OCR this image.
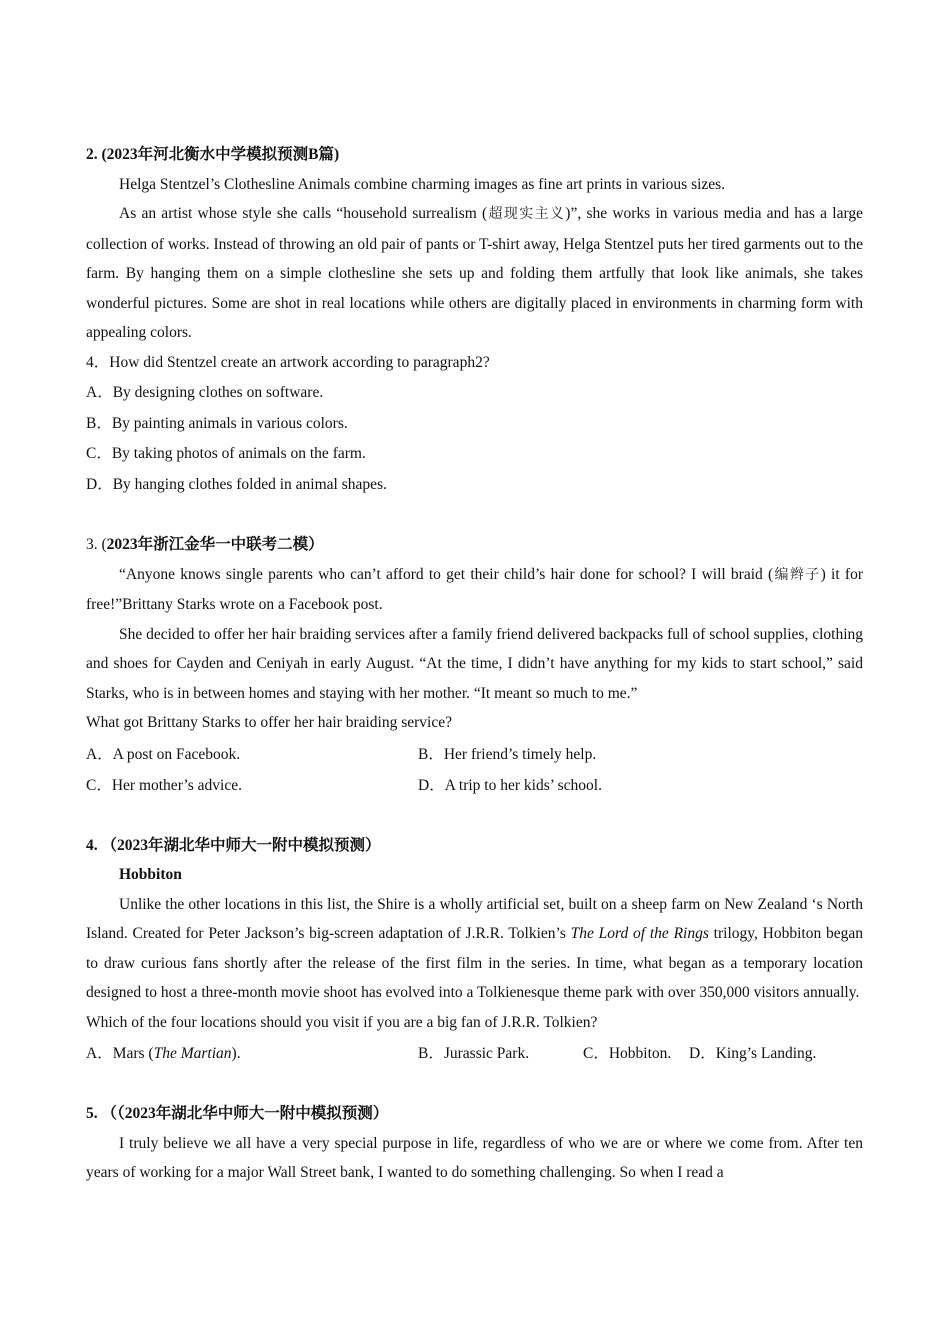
2. (2023年河北衡水中学模拟预测B篇)

Helga Stentzel’s Clothesline Animals combine charming images as fine art prints in various sizes.

As an artist whose style she calls “household surrealism (超现实主义)”, she works in various media and has a large collection of works. Instead of throwing an old pair of pants or T-shirt away, Helga Stentzel puts her tired garments out to the farm. By hanging them on a simple clothesline she sets up and folding them artfully that look like animals, she takes wonderful pictures. Some are shot in real locations while others are digitally placed in environments in charming form with appealing colors.

4．How did Stentzel create an artwork according to paragraph2?

A．By designing clothes on software.

B．By painting animals in various colors.

C．By taking photos of animals on the farm.

D．By hanging clothes folded in animal shapes.

3. (2023年浙江金华一中联考二模）

“Anyone knows single parents who can’t afford to get their child’s hair done for school? I will braid (编辫子) it for free!”Brittany Starks wrote on a Facebook post.

She decided to offer her hair braiding services after a family friend delivered backpacks full of school supplies, clothing and shoes for Cayden and Ceniyah in early August. “At the time, I didn’t have anything for my kids to start school,” said Starks, who is in between homes and staying with her mother. “It meant so much to me.”

What got Brittany Starks to offer her hair braiding service?

A．A post on Facebook.	B．Her friend’s timely help.
C．Her mother’s advice.	D．A trip to her kids’ school.

4. （2023年湖北华中师大一附中模拟预测）

Hobbiton

Unlike the other locations in this list, the Shire is a wholly artificial set, built on a sheep farm on New Zealand ‘s North Island. Created for Peter Jackson’s big-screen adaptation of J.R.R. Tolkien’s The Lord of the Rings trilogy, Hobbiton began to draw curious fans shortly after the release of the first film in the series. In time, what began as a temporary location designed to host a three-month movie shoot has evolved into a Tolkienesque theme park with over 350,000 visitors annually.

Which of the four locations should you visit if you are a big fan of J.R.R. Tolkien?

A．Mars (The Martian).	B．Jurassic Park.	C．Hobbiton.	D．King’s Landing.

5. （（2023年湖北华中师大一附中模拟预测）

I truly believe we all have a very special purpose in life, regardless of who we are or where we come from. After ten years of working for a major Wall Street bank, I wanted to do something challenging. So when I read a
